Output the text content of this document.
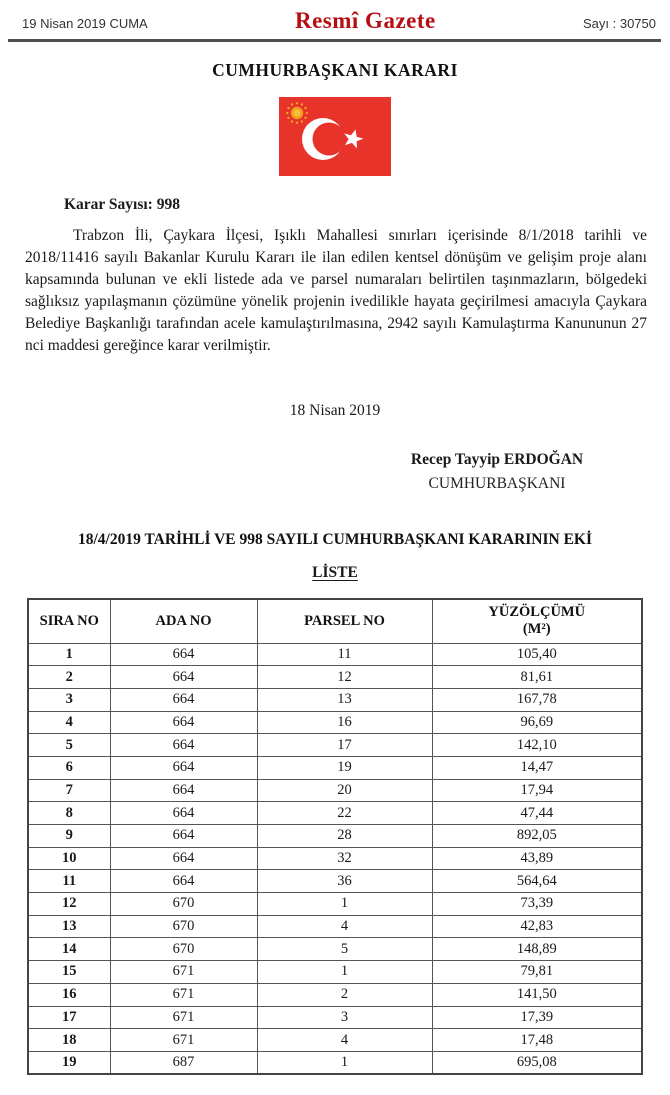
19 Nisan 2019 CUMA	Resmî Gazete	Sayı : 30750
CUMHURBAŞKANI KARARI

Karar Sayısı: 998

Trabzon İli, Çaykara İlçesi, Işıklı Mahallesi sınırları içerisinde 8/1/2018 tarihli ve 2018/11416 sayılı Bakanlar Kurulu Kararı ile ilan edilen kentsel dönüşüm ve gelişim proje alanı kapsamında bulunan ve ekli listede ada ve parsel numaraları belirtilen taşınmazların, bölgedeki sağlıksız yapılaşmanın çözümüne yönelik projenin ivedilikle hayata geçirilmesi amacıyla Çaykara Belediye Başkanlığı tarafından acele kamulaştırılmasına, 2942 sayılı Kamulaştırma Kanununun 27 nci maddesi gereğince karar verilmiştir.

18 Nisan 2019

Recep Tayyip ERDOĞAN

CUMHURBAŞKANI

18/4/2019 TARİHLİ VE 998 SAYILI CUMHURBAŞKANI KARARININ EKİ
LİSTE
SIRA NO	ADA NO	PARSEL NO	YÜZÖLÇÜMÜ
(M²)

1	664	11	105,40
2	664	12	81,61
3	664	13	167,78
4	664	16	96,69
5	664	17	142,10
6	664	19	14,47
7	664	20	17,94
8	664	22	47,44
9	664	28	892,05
10	664	32	43,89
11	664	36	564,64
12	670	1	73,39
13	670	4	42,83
14	670	5	148,89
15	671	1	79,81
16	671	2	141,50
17	671	3	17,39
18	671	4	17,48
19	687	1	695,08
